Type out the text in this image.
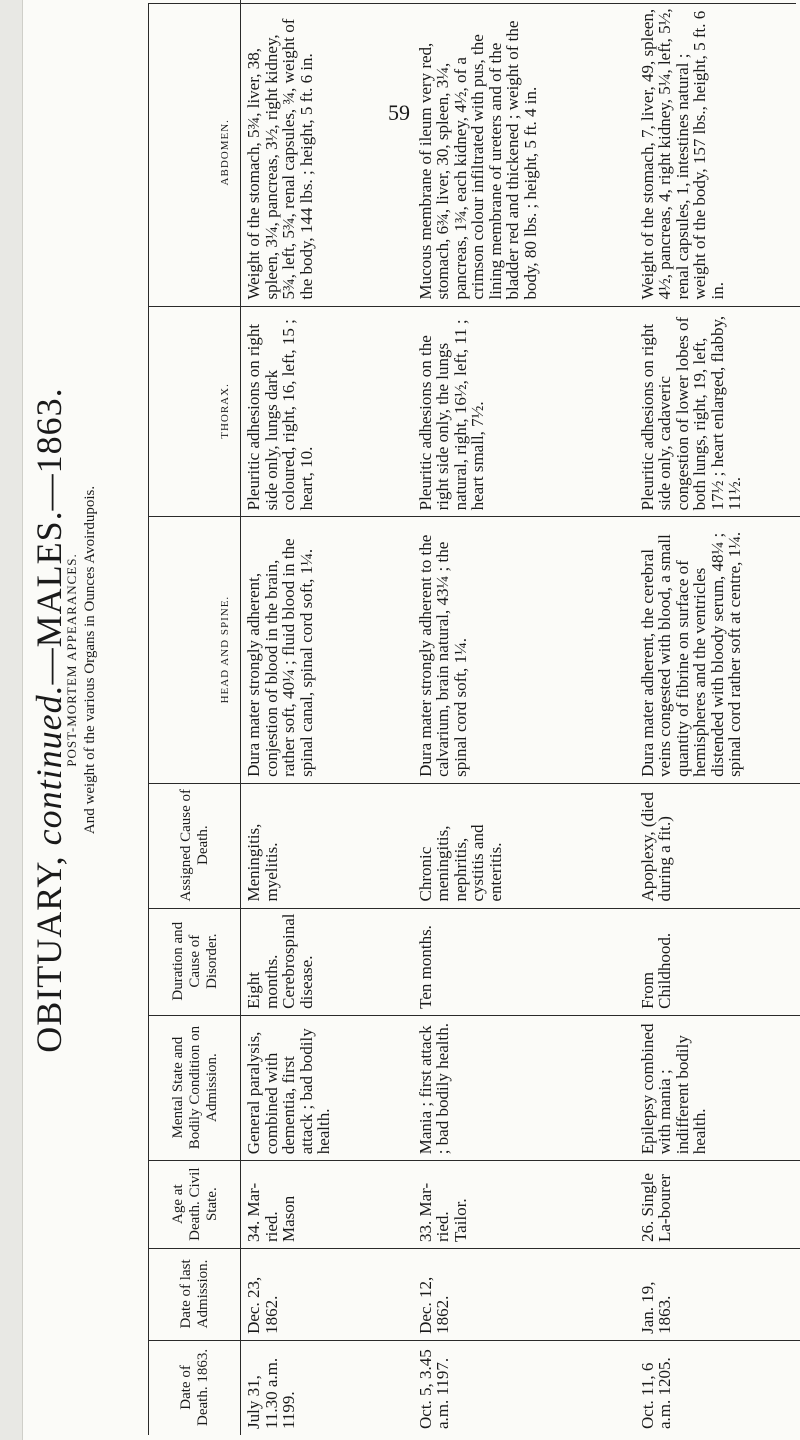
59
OBITUARY, continued.—MALES.—1863.
POST-MORTEM APPEARANCES. And weight of the various Organs in Ounces Avoirdupois.
Date of Death. 1863.	Date of last Admission.	Age at Death. Civil State.	Mental State and Bodily Condition on Admission.	Duration and Cause of Disorder.	Assigned Cause of Death.	HEAD AND SPINE.	THORAX.	ABDOMEN.
July 31, 11.30 a.m. 1199.	Dec. 23, 1862.	34. Mar-ried. Mason	General paralysis, combined with dementia, first attack ; bad bodily health.	Eight months. Cerebrospinal disease.	Meningitis, myelitis.	Dura mater strongly adherent, conjestion of blood in the brain, rather soft, 40¼ ; fluid blood in the spinal canal, spinal cord soft, 1¼.	Pleuritic adhesions on right side only, lungs dark coloured, right, 16, left, 15 ; heart, 10.	Weight of the stomach, 5¾, liver, 38, spleen, 3¼, pancreas, 3½, right kidney, 5¾, left, 5¾, renal capsules, ¾, weight of the body, 144 lbs. ; height, 5 ft. 6 in.
Oct. 5, 3.45 a.m. 1197.	Dec. 12, 1862.	33. Mar-ried. Tailor.	Mania ; first attack ; bad bodily health.	Ten months.	Chronic meningitis, nephritis, cystitis and enteritis.	Dura mater strongly adherent to the calvarium, brain natural, 43¼ ; the spinal cord soft, 1¼.	Pleuritic adhesions on the right side only, the lungs natural, right, 16½, left, 11 ; heart small, 7½.	Mucous membrane of ileum very red, stomach, 6¾, liver, 30, spleen, 3¼, pancreas, 1¾, each kidney, 4½, of a crimson colour infiltrated with pus, the lining membrane of ureters and of the bladder red and thickened ; weight of the body, 80 lbs. ; height, 5 ft. 4 in.
Oct. 11, 6 a.m. 1205.	Jan. 19, 1863.	26. Single La-bourer	Epilepsy combined with mania ; indifferent bodily health.	From Childhood.	Apoplexy, (died during a fit.)	Dura mater adherent, the cerebral veins congested with blood, a small quantity of fibrine on surface of hemispheres and the ventricles distended with bloody serum, 48¼ ; spinal cord rather soft at centre, 1¼.	Pleuritic adhesions on right side only, cadaveric congestion of lower lobes of both lungs, right, 19, left, 17½ ; heart enlarged, flabby, 11½.	Weight of the stomach, 7, liver, 49, spleen, 4½, pancreas, 4, right kidney, 5¼, left, 5½, renal capsules, 1, intestines natural ; weight of the body, 157 lbs., height, 5 ft. 6 in.
